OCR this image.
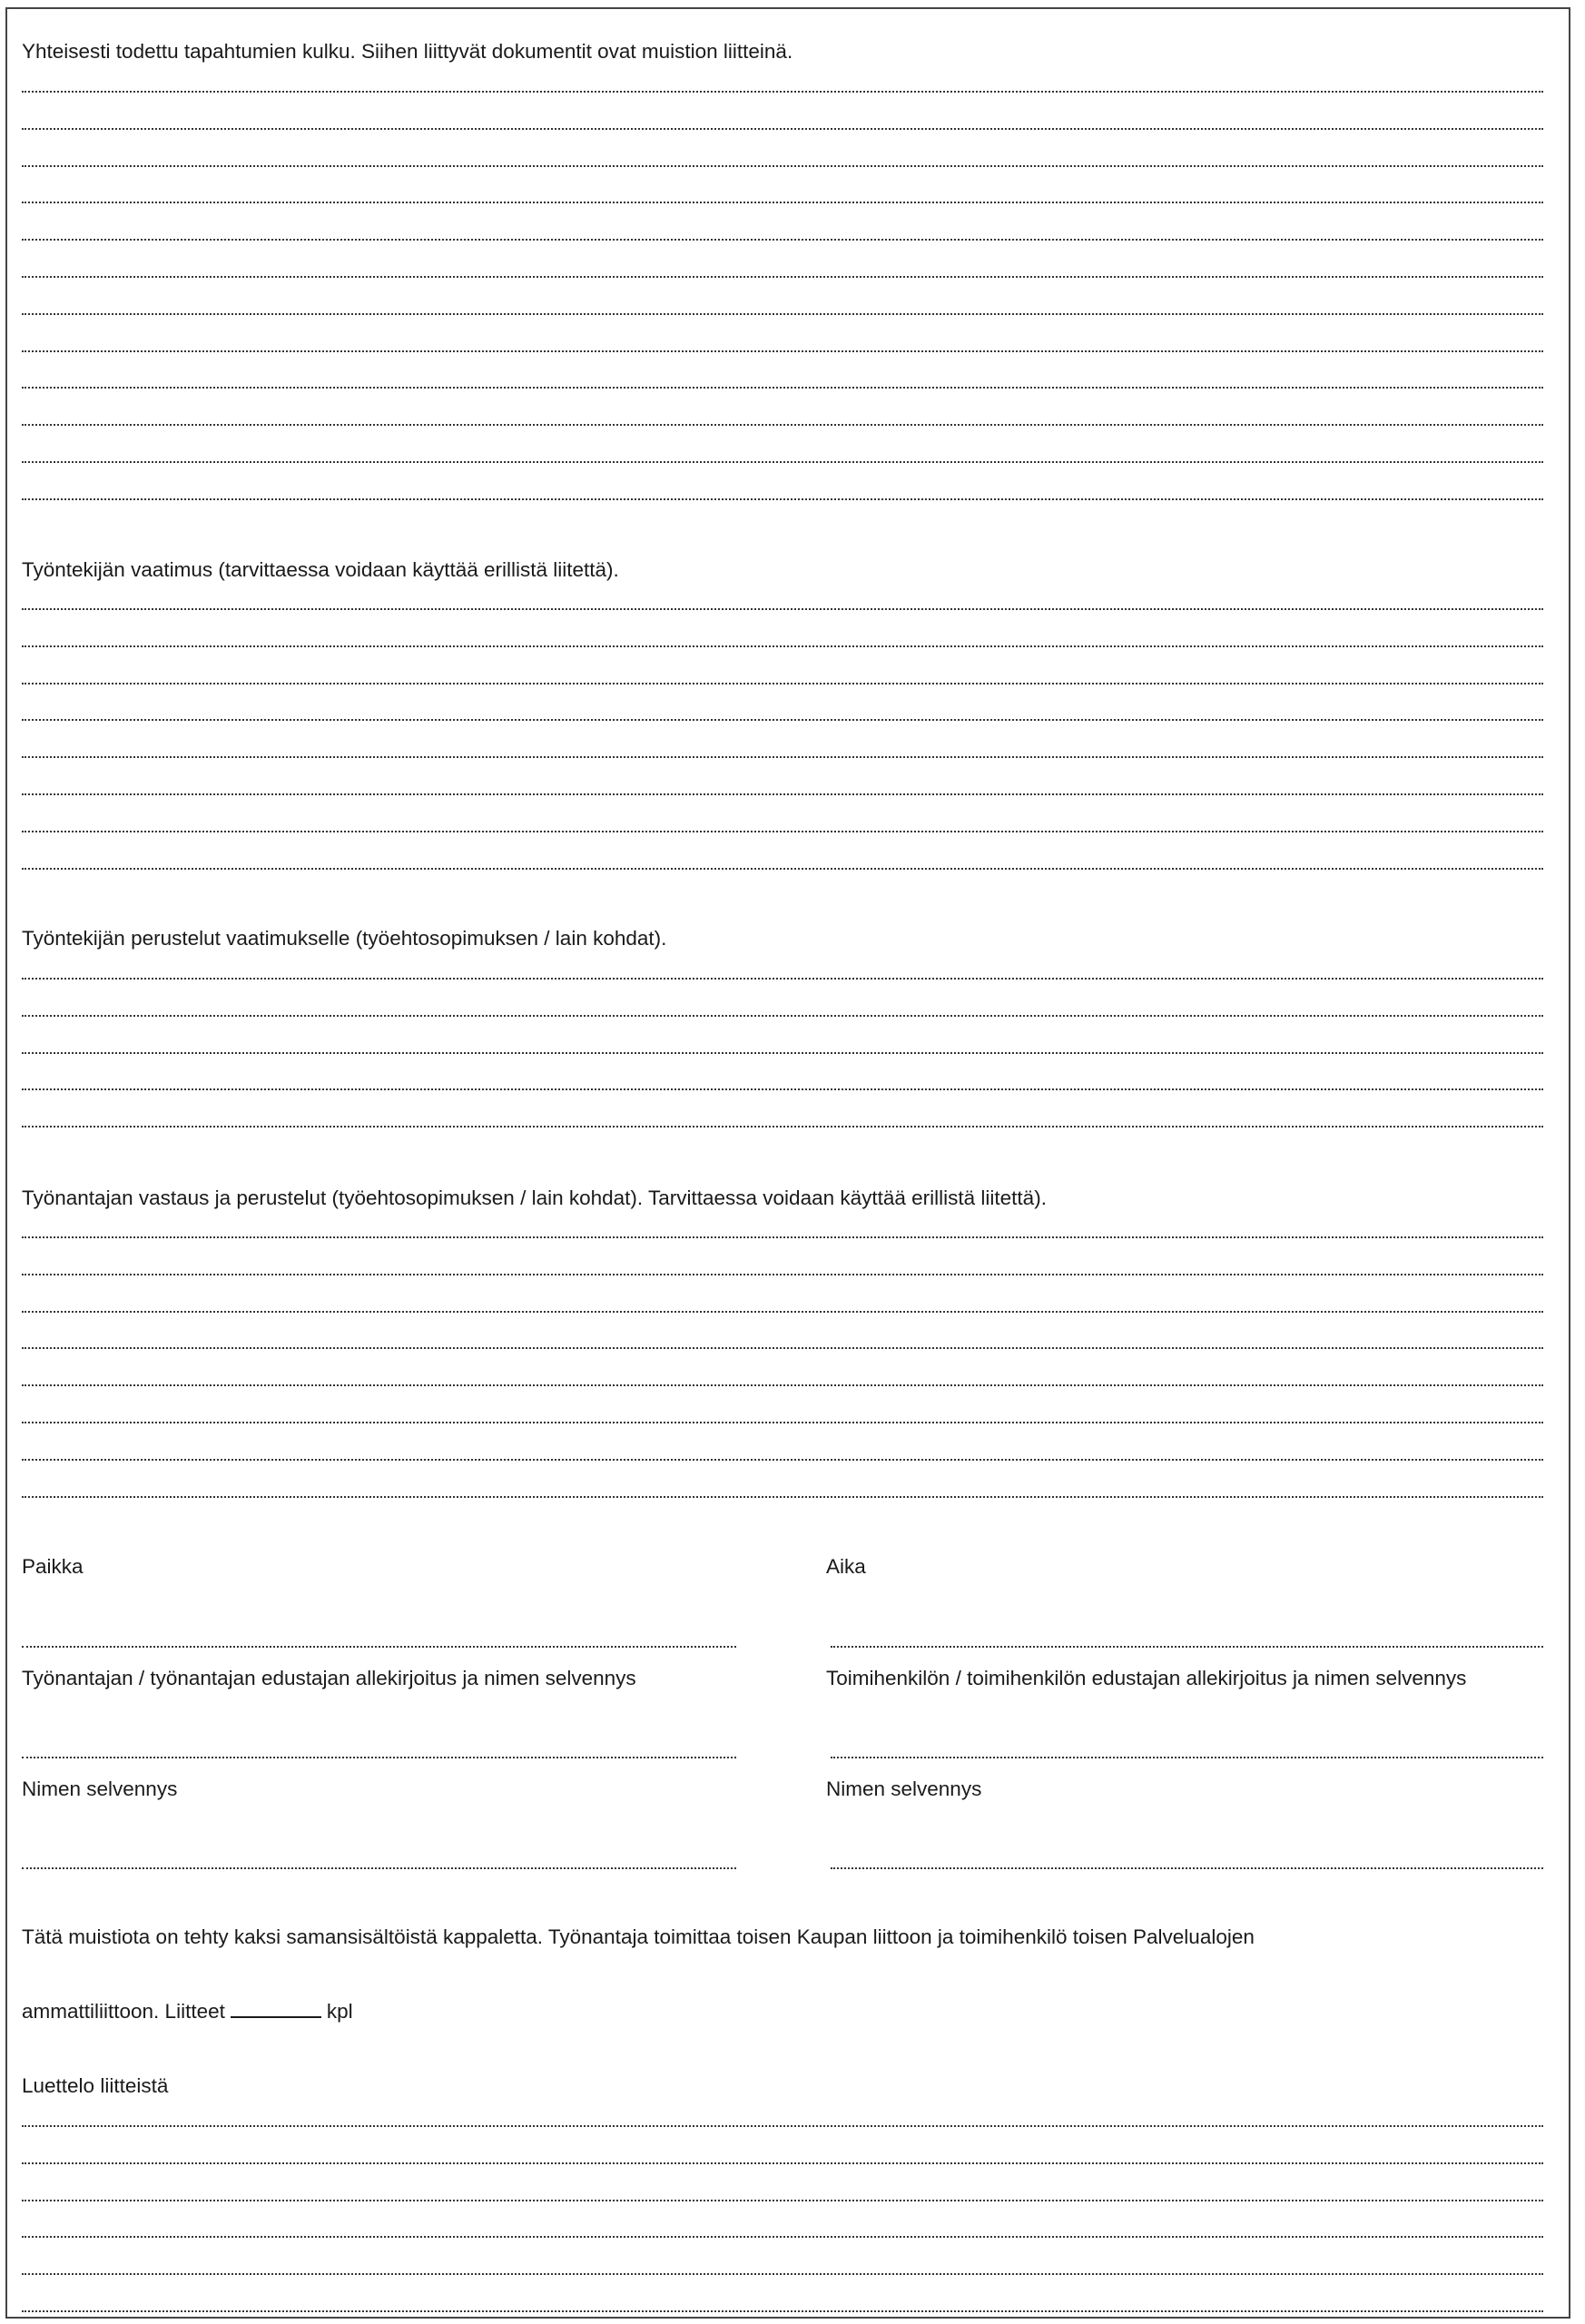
Yhteisesti todettu tapahtumien kulku. Siihen liittyvät dokumentit ovat muistion liitteinä.
Työntekijän vaatimus (tarvittaessa voidaan käyttää erillistä liitettä).
Työntekijän perustelut vaatimukselle (työehtosopimuksen / lain kohdat).
Työnantajan vastaus ja perustelut (työehtosopimuksen / lain kohdat). Tarvittaessa voidaan käyttää erillistä liitettä).
Paikka	Aika
Työnantajan / työnantajan edustajan allekirjoitus ja nimen selvennys	Toimihenkilön / toimihenkilön edustajan allekirjoitus ja nimen selvennys
Nimen selvennys	Nimen selvennys
Tätä muistiota on tehty kaksi samansisältöistä kappaletta. Työnantaja toimittaa toisen Kaupan liittoon ja toimihenkilö toisen Palvelualojen
ammattiliittoon. Liitteet	kpl
Luettelo liitteistä
